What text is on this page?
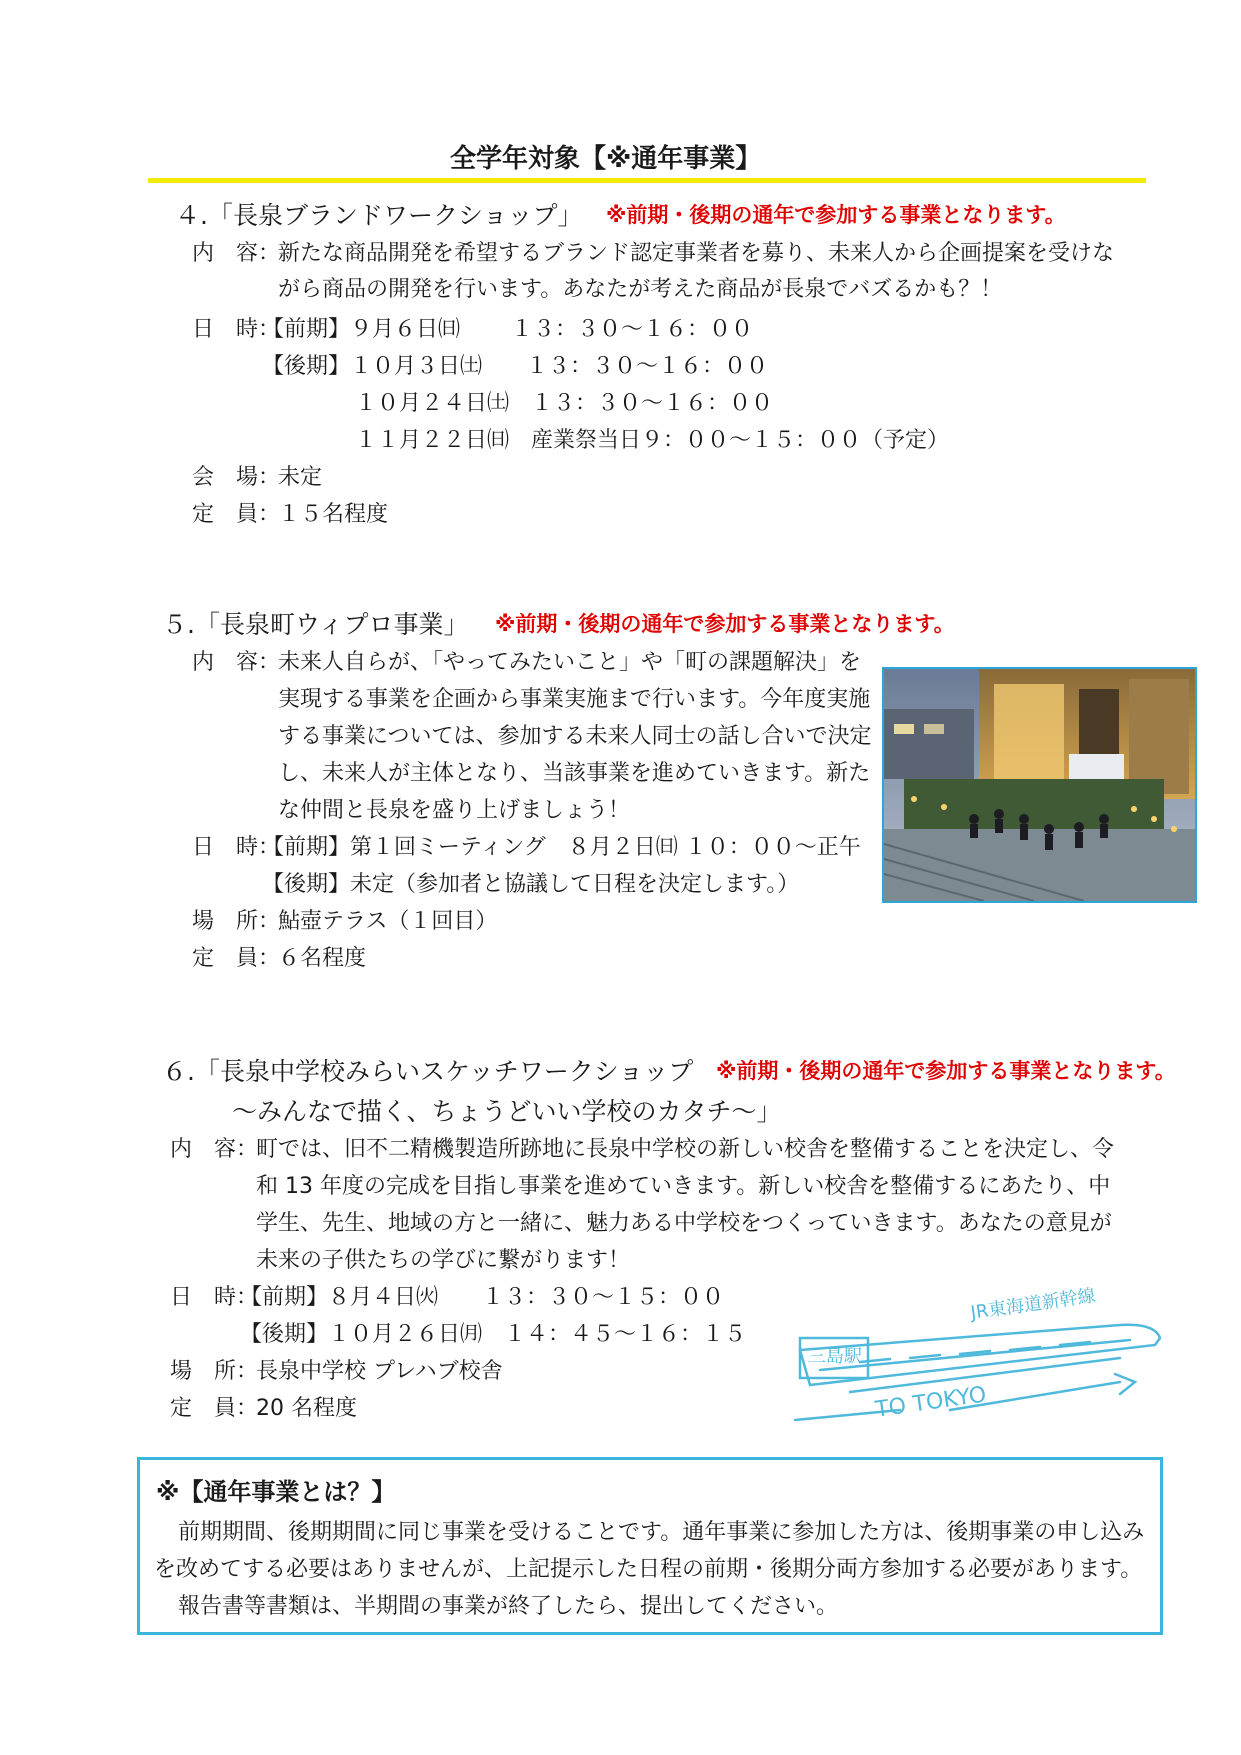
全学年対象【※通年事業】
４.「長泉ブランドワークショップ」 ※前期・後期の通年で参加する事業となります。
内　容：
新たな商品開発を希望するブランド認定事業者を募り、未来人から企画提案を受けな
がら商品の開発を行います。あなたが考えた商品が長泉でバズるかも？！
日　時：
【前期】９月６日㈰　　 １３：３０～１６：００
【後期】１０月３日㈯　　１３：３０～１６：００
１０月２４日㈯　１３：３０～１６：００
１１月２２日㈰　産業祭当日９：００～１５：００（予定）
会　場：
未定
定　員：
１５名程度
５.「長泉町ウィプロ事業」 ※前期・後期の通年で参加する事業となります。
内　容：
未来人自らが、「やってみたいこと」や「町の課題解決」を
実現する事業を企画から事業実施まで行います。今年度実施
する事業については、参加する未来人同士の話し合いで決定
し、未来人が主体となり、当該事業を進めていきます。新た
な仲間と長泉を盛り上げましょう！
日　時：
【前期】第１回ミーティング　８月２日㈰ １０：００～正午
【後期】未定（参加者と協議して日程を決定します。）
場　所：
鮎壺テラス（１回目）
定　員：
６名程度
６.「長泉中学校みらいスケッチワークショップ ※前期・後期の通年で参加する事業となります。
～みんなで描く、ちょうどいい学校のカタチ～」
内　容：
町では、旧不二精機製造所跡地に長泉中学校の新しい校舎を整備することを決定し、令
和 13 年度の完成を目指し事業を進めていきます。新しい校舎を整備するにあたり、中
学生、先生、地域の方と一緒に、魅力ある中学校をつくっていきます。あなたの意見が
未来の子供たちの学びに繋がります！
日　時：
【前期】８月４日㈫　　１３：３０～１５：００
【後期】１０月２６日㈪　１４：４５～１６：１５
場　所：
長泉中学校 プレハブ校舎
定　員：
20 名程度
JR東海道新幹線
三島駅
TO TOKYO
※【通年事業とは？】
前期期間、後期期間に同じ事業を受けることです。通年事業に参加した方は、後期事業の申し込み
を改めてする必要はありませんが、上記提示した日程の前期・後期分両方参加する必要があります。
報告書等書類は、半期間の事業が終了したら、提出してください。
